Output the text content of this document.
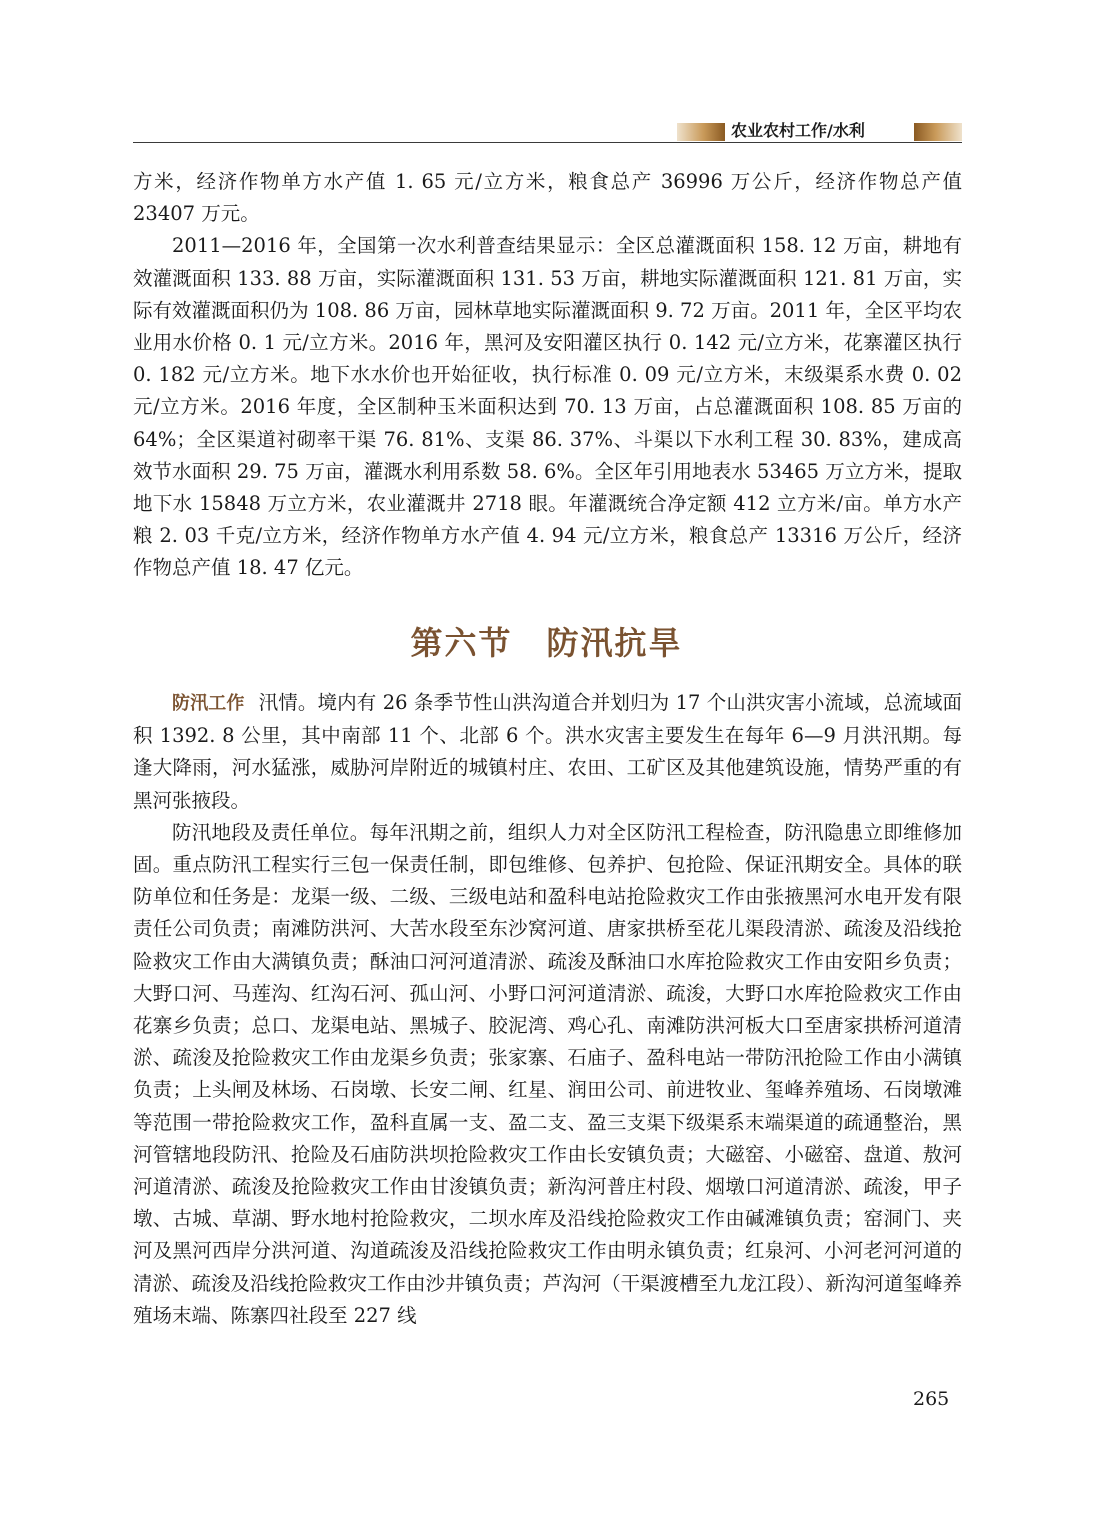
农业农村工作/水利

方米，经济作物单方水产值 1. 65 元/立方米，粮食总产 36996 万公斤，经济作物总产值 23407 万元。

2011—2016 年，全国第一次水利普查结果显示：全区总灌溉面积 158. 12 万亩，耕地有效灌溉面积 133. 88 万亩，实际灌溉面积 131. 53 万亩，耕地实际灌溉面积 121. 81 万亩，实际有效灌溉面积仍为 108. 86 万亩，园林草地实际灌溉面积 9. 72 万亩。2011 年，全区平均农业用水价格 0. 1 元/立方米。2016 年，黑河及安阳灌区执行 0. 142 元/立方米，花寨灌区执行 0. 182 元/立方米。地下水水价也开始征收，执行标准 0. 09 元/立方米，末级渠系水费 0. 02 元/立方米。2016 年度，全区制种玉米面积达到 70. 13 万亩，占总灌溉面积 108. 85 万亩的 64%；全区渠道衬砌率干渠 76. 81%、支渠 86. 37%、斗渠以下水利工程 30. 83%，建成高效节水面积 29. 75 万亩，灌溉水利用系数 58. 6%。全区年引用地表水 53465 万立方米，提取地下水 15848 万立方米，农业灌溉井 2718 眼。年灌溉统合净定额 412 立方米/亩。单方水产粮 2. 03 千克/立方米，经济作物单方水产值 4. 94 元/立方米，粮食总产 13316 万公斤，经济作物总产值 18. 47 亿元。

第六节 防汛抗旱

防汛工作 汛情。境内有 26 条季节性山洪沟道合并划归为 17 个山洪灾害小流域，总流域面积 1392. 8 公里，其中南部 11 个、北部 6 个。洪水灾害主要发生在每年 6—9 月洪汛期。每逢大降雨，河水猛涨，威胁河岸附近的城镇村庄、农田、工矿区及其他建筑设施，情势严重的有黑河张掖段。

防汛地段及责任单位。每年汛期之前，组织人力对全区防汛工程检查，防汛隐患立即维修加固。重点防汛工程实行三包一保责任制，即包维修、包养护、包抢险、保证汛期安全。具体的联防单位和任务是：龙渠一级、二级、三级电站和盈科电站抢险救灾工作由张掖黑河水电开发有限责任公司负责；南滩防洪河、大苦水段至东沙窝河道、唐家拱桥至花儿渠段清淤、疏浚及沿线抢险救灾工作由大满镇负责；酥油口河河道清淤、疏浚及酥油口水库抢险救灾工作由安阳乡负责；大野口河、马莲沟、红沟石河、孤山河、小野口河河道清淤、疏浚，大野口水库抢险救灾工作由花寨乡负责；总口、龙渠电站、黑城子、胶泥湾、鸡心孔、南滩防洪河板大口至唐家拱桥河道清淤、疏浚及抢险救灾工作由龙渠乡负责；张家寨、石庙子、盈科电站一带防汛抢险工作由小满镇负责；上头闸及林场、石岗墩、长安二闸、红星、润田公司、前进牧业、玺峰养殖场、石岗墩滩等范围一带抢险救灾工作，盈科直属一支、盈二支、盈三支渠下级渠系末端渠道的疏通整治，黑河管辖地段防汛、抢险及石庙防洪坝抢险救灾工作由长安镇负责；大磁窑、小磁窑、盘道、敖河河道清淤、疏浚及抢险救灾工作由甘浚镇负责；新沟河普庄村段、烟墩口河道清淤、疏浚，甲子墩、古城、草湖、野水地村抢险救灾，二坝水库及沿线抢险救灾工作由碱滩镇负责；窑洞门、夹河及黑河西岸分洪河道、沟道疏浚及沿线抢险救灾工作由明永镇负责；红泉河、小河老河河道的清淤、疏浚及沿线抢险救灾工作由沙井镇负责；芦沟河（干渠渡槽至九龙江段）、新沟河道玺峰养殖场末端、陈寨四社段至 227 线

265
